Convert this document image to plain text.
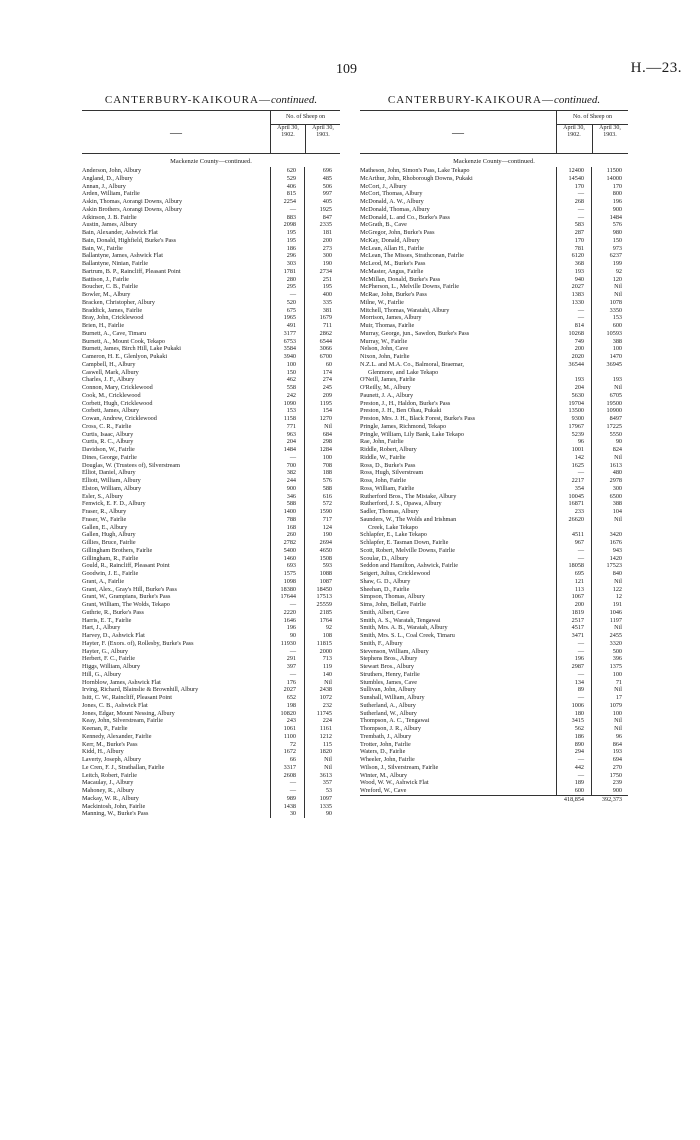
109	H.—23.
CANTERBURY-KAIKOURA—continued.
—
No. of Sheep on
April 30, 1902.
April 30, 1903.
Mackenzie County—continued.
Anderson, John, Albury	620	696
Angland, D., Albury	529	485
Annan, J., Albury	406	506
Arden, William, Fairlie	815	997
Askin, Thomas, Aorangi Downs, Albury	2254	405
Askin Brothers, Aorangi Downs, Albury	—	1925
Atkinson, J. B. Fairlie	883	847
Austin, James, Albury	2098	2335
Bain, Alexander, Ashwick Flat	195	181
Bain, Donald, Highfield, Burke's Pass	195	200
Bain, W., Fairlie	186	273
Ballantyne, James, Ashwick Flat	296	300
Ballantyne, Ninian, Fairlie	303	190
Bartrum, B. P., Raincliff, Pleasant Point	1781	2734
Battison, J., Fairlie	280	251
Boucher, C. B., Fairlie	295	195
Bowler, M., Albury	—	400
Bracken, Christopher, Albury	520	335
Braddick, James, Fairlie	675	381
Bray, John, Cricklewood	1965	1679
Brien, H., Fairlie	491	711
Burnett, A., Cave, Timaru	3177	2862
Burnett, A., Mount Cook, Tekapo	6753	6544
Burnett, James, Birch Hill, Lake Pukaki	3584	3066
Cameron, H. E., Glenlyon, Pukaki	3940	6700
Campbell, H., Albury	100	60
Caswell, Mark, Albury	150	174
Charles, J. F., Albury	462	274
Connon, Mary, Cricklewood	558	245
Cook, M., Cricklewood	242	209
Corbett, Hugh, Cricklewood	1090	1195
Corbett, James, Albury	153	154
Cowan, Andrew, Cricklewood	1158	1270
Cross, C. R., Fairlie	771	Nil
Curtis, Isaac, Albury	963	684
Curtis, R. C., Albury	204	298
Davidson, W., Fairlie	1484	1284
Dines, George, Fairlie	—	100
Douglas, W. (Trustees of), Silverstream	700	708
Elliot, Daniel, Albury	382	188
Elliott, William, Albury	244	576
Elston, William, Albury	900	588
Esler, S., Albury	346	616
Fenwick, E. F. D., Albury	588	572
Fraser, R., Albury	1400	1590
Fraser, W., Fairlie	788	717
Gallen, E., Albury	168	124
Gallen, Hugh, Albury	260	190
Gillies, Bruce, Fairlie	2782	2694
Gillingham Brothers, Fairlie	5400	4650
Gillingham, R., Fairlie	1460	1508
Gould, R., Raincliff, Pleasant Point	693	593
Goodwin, J. E., Fairlie	1575	1088
Grant, A., Fairlie	1098	1087
Grant, Alex., Gray's Hill, Burke's Pass	18380	18450
Grant, W., Grampians, Burke's Pass	17644	17513
Grant, William, The Wolds, Tekapo	—	25559
Guthrie, R., Burke's Pass	2220	2185
Harris, E. T., Fairlie	1646	1764
Hart, J., Albury	196	92
Harvey, D., Ashwick Flat	90	108
Hayter, F. (Exors. of), Rollesby, Burke's Pass	11930	11815
Hayter, G., Albury	—	2000
Herbert, F. C., Fairlie	291	713
Higgs, William, Albury	397	119
Hill, G., Albury	—	140
Hornblow, James, Ashwick Flat	176	Nil
Irving, Richard, Blainslie & Brownhill, Albury	2027	2438
Isitt, C. W., Raincliff, Pleasant Point	652	1072
Jones, C. B., Ashwick Flat	198	232
Jones, Edgar, Mount Nessing, Albury	10820	11745
Keay, John, Silverstream, Fairlie	243	224
Keenan, P., Fairlie	1061	1161
Kennedy, Alexander, Fairlie	1100	1212
Kerr, M., Burke's Pass	72	115
Kidd, H., Albury	1672	1820
Laverty, Joseph, Albury	66	Nil
Le Cren, F. J., Strathallan, Fairlie	3317	Nil
Leitch, Robert, Fairlie	2608	3613
Macaulay, J., Albury	—	357
Mahoney, R., Albury	—	53
Mackay, W. R., Albury	989	1097
Mackintosh, John, Fairlie	1438	1335
Manning, W., Burke's Pass	30	90
CANTERBURY-KAIKOURA—continued.
—
No. of Sheep on
April 30, 1902.
April 30, 1903.
Mackenzie County—continued.
Matheson, John, Simon's Pass, Lake Tekapo	12400	11500
McArthur, John, Rhoborough Downs, Pukaki	14540	14000
McCort, J., Albury	170	170
McCort, Thomas, Albury	—	800
McDonald, A. W., Albury	268	196
McDonald, Thomas, Albury	—	900
McDonald, L. and Co., Burke's Pass	—	1484
McGrath, B., Cave	583	576
McGregor, John, Burke's Pass	287	980
McKay, Donald, Albury	170	150
McLean, Allan H., Fairlie	781	973
McLean, The Misses, Strathconan, Fairlie	6120	6237
McLeod, M., Burke's Pass	368	199
McMaster, Angus, Fairlie	193	92
McMillan, Donald, Burke's Pass	940	120
McPherson, L., Melville Downs, Fairlie	2027	Nil
McRae, John, Burke's Pass	1383	Nil
Milne, W., Fairlie	1330	1078
Mitchell, Thomas, Waratahi, Albury	—	3350
Morrison, James, Albury	—	153
Muir, Thomas, Fairlie	814	600
Murray, George, jun., Sawdon, Burke's Pass	10268	10593
Murray, W., Fairlie	749	388
Nelson, John, Cave	200	100
Nixon, John, Fairlie	2020	1470
N.Z.L. and M.A. Co., Balmoral, Braemar,	36544	36945
Glenmore, and Lake Tekapo
O'Neill, James, Fairlie	193	193
O'Reilly, M., Albury	204	Nil
Paunett, J. A., Albury	5630	6705
Preston, J., H., Haldon, Burke's Pass	19704	19500
Preston, J. H., Ben Ohau, Pukaki	13500	10900
Preston, Mrs. J. H., Black Forest, Burke's Pass	9300	8497
Pringle, James, Richmond, Tekapo	17967	17225
Pringle, William, Lily Bank, Lake Tekapo	5239	5550
Rae, John, Fairlie	96	90
Riddle, Robert, Albury	1001	824
Riddle, W., Fairlie	142	Nil
Ross, D., Burke's Pass	1625	1613
Ross, Hugh, Silverstream	—	480
Ross, John, Fairlie	2217	2978
Ross, William, Fairlie	354	300
Rutherford Bros., The Mistake, Albury	10045	6500
Rutherford, J. S., Opawa, Albury	16871	388
Sadler, Thomas, Albury	233	104
Saunders, W., The Wolds and Irishman	26620	Nil
Creek, Lake Tekapo
Schlapfer, E., Lake Tekapo	4511	3420
Schlapfer, E. Tasman Down, Fairlie	967	1676
Scott, Robert, Melville Downs, Fairlie	—	943
Scoular, D., Albury	—	1420
Seddon and Hamilton, Ashwick, Fairlie	18058	17523
Seigert, Julius, Cricklewood	695	840
Shaw, G. D., Albury	121	Nil
Sheehan, D., Fairlie	113	122
Simpson, Thomas, Albury	1067	12
Sims, John, Bellatt, Fairlie	200	191
Smith, Albert, Cave	1819	1046
Smith, A. S., Waratah, Tengawai	2517	1197
Smith, Mrs. A. B., Waratah, Albury	4517	Nil
Smith, Mrs. S. L., Coal Creek, Timaru	3471	2455
Smith, F., Albury	—	3320
Stevenson, William, Albury	—	500
Stephens Bros., Albury	196	396
Stewart Bros., Albury	2987	1375
Struthers, Henry, Fairlie	—	100
Stumbles, James, Cave	134	71
Sullivan, John, Albury	89	Nil
Sunshall, William, Albury	—	17
Sutherland, A., Albury	1006	1079
Sutherland, W., Albury	180	100
Thompson, A. C., Tengawai	3415	Nil
Thompson, J. R., Albury	562	Nil
Trembath, J., Albury	186	96
Trotter, John, Fairlie	890	864
Waters, D., Fairlie	294	193
Wheeler, John, Fairlie	—	694
Wilson, J., Silverstream, Fairlie	442	270
Winter, M., Albury	—	1750
Wood, W. W., Ashwick Flat	189	239
Wreford, W., Cave	600	900
418,854	392,373
